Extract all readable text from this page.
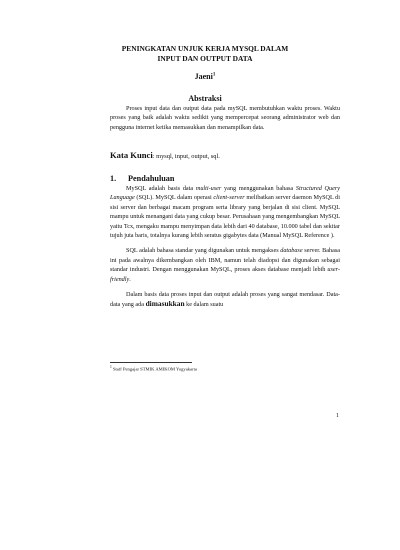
PENINGKATAN UNJUK KERJA MYSQL DALAM
INPUT DAN OUTPUT DATA
Jaeni$^1$
Abstraksi
Proses input data dan output data pada mySQL membutuhkan waktu proses. Waktu proses yang baik adalah waktu sedikit yang mempercepat seorang administrator web dan pengguna internet ketika memasukkan dan menampilkan data.
Kata Kunci: mysql, input, output, sql.
1. Pendahuluan

MySQL adalah basis data multi-user yang menggunakan bahasa Structured Query Language (SQL). MySQL dalam operasi client-server melibatkan server daemon MySQL di sisi server dan berbagai macam program serta library yang berjalan di sisi client. MySQL mampu untuk menangani data yang cukup besar. Perusahaan yang mengembangkan MySQL yaitu Tcx, mengaku mampu menyimpan data lebih dari 40 database, 10.000 tabel dan sekitar tujuh juta baris, totalnya kurang lebih seratus gigabytes data (Manual MySQL Reference ).

SQL adalah bahasa standar yang digunakan untuk mengakses database server. Bahasa ini pada awalnya dikembangkan oleh IBM, namun telah diadopsi dan digunakan sebagai standar industri. Dengan menggunakan MySQL, proses akses database menjadi lebih user-friendly.

Dalam basis data proses input dan output adalah proses yang sangat mendasar. Data-data yang ada dimasukkan ke dalam suatu

$^1$ Staff Pengajar STMIK AMIKOM Yogyakarta
1
